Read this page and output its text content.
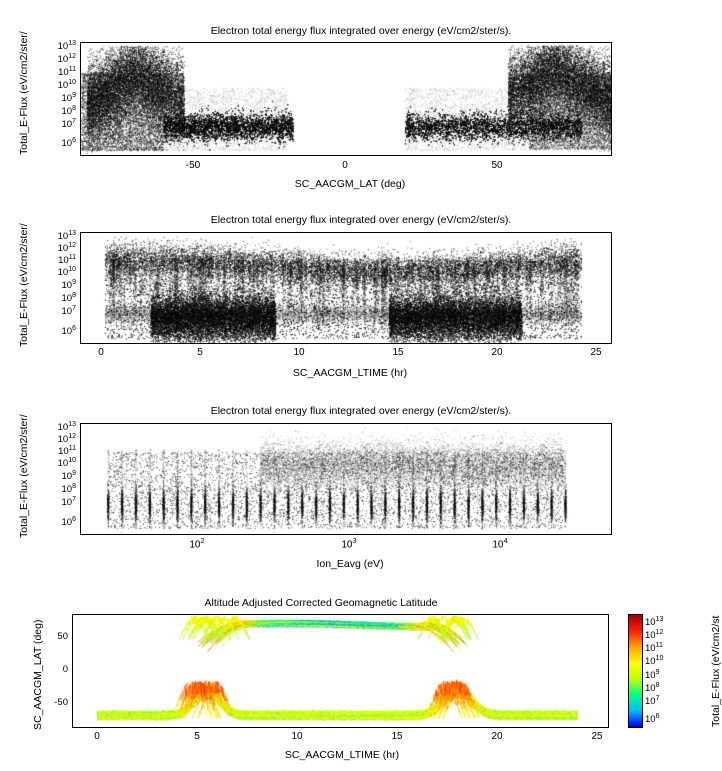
Electron total energy flux integrated over energy (eV/cm2/ster/s).
Total_E-Flux (eV/cm2/ster/
SC_AACGM_LAT (deg)
$10^{13}$
$10^{12}$
$10^{11}$
$10^{10}$
$10^9$
$10^8$
$10^7$
$10^6$
-50	0	50
Electron total energy flux integrated over energy (eV/cm2/ster/s).
Total_E-Flux (eV/cm2/ster/
SC_AACGM_LTIME (hr)
$10^{13}$
$10^{12}$
$10^{11}$
$10^{10}$
$10^9$
$10^8$
$10^7$
$10^6$
0	5	10	15	20	25
Electron total energy flux integrated over energy (eV/cm2/ster/s).
Total_E-Flux (eV/cm2/ster/
Ion_Eavg (eV)
$10^{13}$
$10^{12}$
$10^{11}$
$10^{10}$
$10^9$
$10^8$
$10^7$
$10^6$
$10^2$	$10^3$	$10^4$
Altitude Adjusted Corrected Geomagnetic Latitude
SC_AACGM_LAT (deg)
SC_AACGM_LTIME (hr)
50
0
-50
0	5	10	15	20	25
Total_E-Flux (eV/cm2/st
$10^{13}$
$10^{12}$
$10^{11}$
$10^{10}$
$10^9$
$10^8$
$10^7$
$10^6$
